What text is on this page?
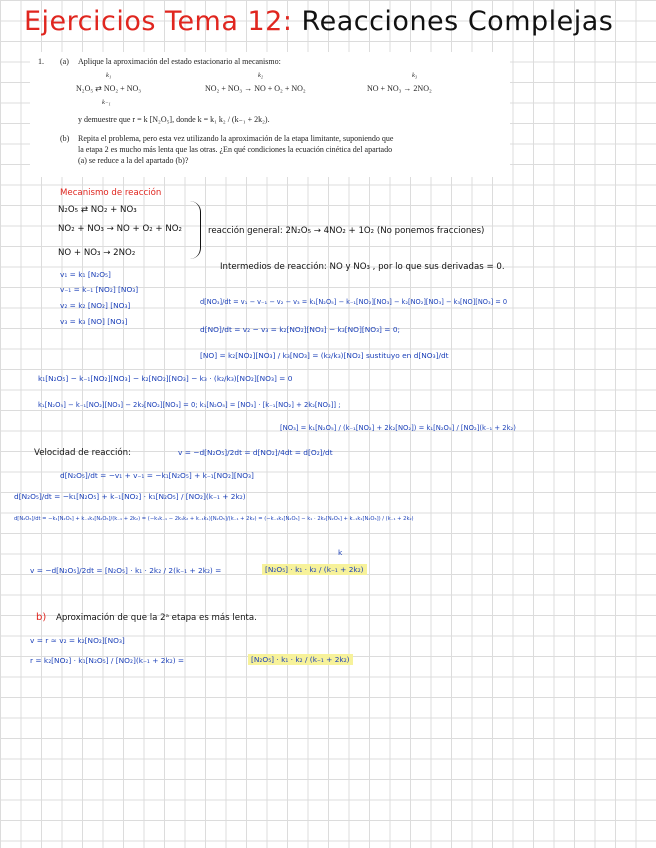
Ejercicios Tema 12: Reacciones Complejas
1. (a) Aplique la aproximación del estado estacionario al mecanismo:
k₁	k₂	k₃
N₂O₅ ⇄ NO₂ + NO₃	NO₂ + NO₃ → NO + O₂ + NO₂	NO + NO₃ → 2NO₂
k₋₁
y demuestre que r = k [N₂O₅], donde k = k₁ k₂ / (k₋₁ + 2k₂).
(b) Repita el problema, pero esta vez utilizando la aproximación de la etapa limitante, suponiendo que
la etapa 2 es mucho más lenta que las otras. ¿En qué condiciones la ecuación cinética del apartado
(a) se reduce a la del apartado (b)?
Mecanismo de reacción
N₂O₅ ⇄ NO₂ + NO₃
NO₂ + NO₃ → NO + O₂ + NO₂
NO + NO₃ → 2NO₂
reacción general: 2N₂O₅ → 4NO₂ + 1O₂ (No ponemos fracciones)
Intermedios de reacción: NO y NO₃ , por lo que sus derivadas = 0.
v₁ = k₁ [N₂O₅]
v₋₁ = k₋₁ [NO₂] [NO₃]
v₂ = k₂ [NO₂] [NO₃]
v₃ = k₃ [NO] [NO₃]
d[NO₃]/dt = v₁ − v₋₁ − v₂ − v₃ = k₁[N₂O₅] − k₋₁[NO₂][NO₃] − k₂[NO₂][NO₃] − k₃[NO][NO₃] = 0
d[NO]/dt = v₂ − v₃ = k₂[NO₂][NO₃] − k₃[NO][NO₃] = 0;
[NO] = k₂[NO₂][NO₃] / k₃[NO₃] = (k₂/k₃)[NO₂] sustituyo en d[NO₃]/dt
k₁[N₂O₅] − k₋₁[NO₂][NO₃] − k₂[NO₂][NO₃] − k₃ · (k₂/k₃)[NO₂][NO₃] = 0
k₁[N₂O₅] − k₋₁[NO₂][NO₃] − 2k₂[NO₂][NO₃] = 0; k₁[N₂O₅] = [NO₃] · [k₋₁[NO₂] + 2k₂[NO₂]] ;
[NO₃] = k₁[N₂O₅] / (k₋₁[NO₂] + 2k₂[NO₂]) = k₁[N₂O₅] / [NO₂](k₋₁ + 2k₂)
Velocidad de reacción:	v = −d[N₂O₅]/2dt = d[NO₂]/4dt = d[O₂]/dt
d[N₂O₅]/dt = −v₁ + v₋₁ = −k₁[N₂O₅] + k₋₁[NO₂][NO₃]
d[N₂O₅]/dt = −k₁[N₂O₅] + k₋₁[NO₂] · k₁[N₂O₅] / [NO₂](k₋₁ + 2k₂)
d[N₂O₅]/dt = −k₁[N₂O₅] + k₋₁k₁[N₂O₅]/(k₋₁ + 2k₂) = (−k₁k₋₁ − 2k₁k₂ + k₋₁k₁)[N₂O₅]/(k₋₁ + 2k₂) = (−k₋₁k₁[N₂O₅] − k₁ · 2k₂[N₂O₅] + k₋₁k₁[N₂O₅]) / (k₋₁ + 2k₂)
v = −d[N₂O₅]/2dt = [N₂O₅] · k₁ · 2k₂ / 2(k₋₁ + 2k₂) =	[N₂O₅] · k₁ · k₂ / (k₋₁ + 2k₂)
k
b) Aproximación de que la 2ᵃ etapa es más lenta.
v = r ≈ v₂ = k₂[NO₂][NO₃]
r = k₂[NO₂] · k₁[N₂O₅] / [NO₂](k₋₁ + 2k₂) =	[N₂O₅] · k₁ · k₂ / (k₋₁ + 2k₂)
